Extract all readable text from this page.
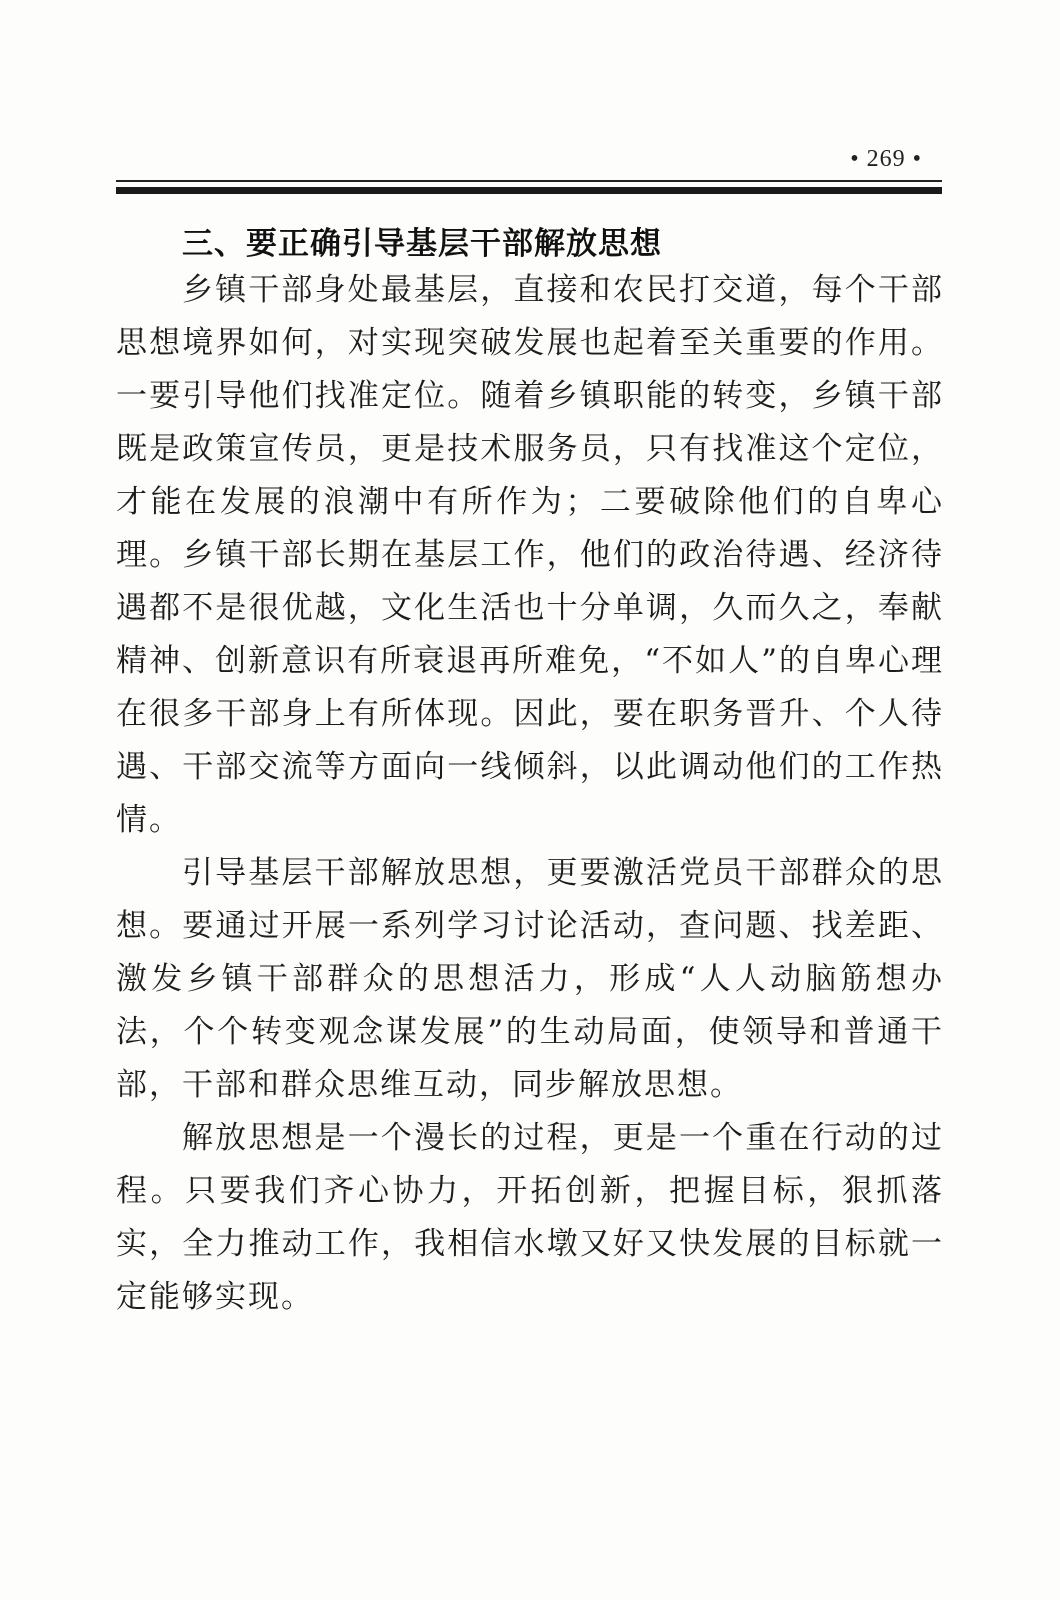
• 269 •
三、要正确引导基层干部解放思想

乡镇干部身处最基层，直接和农民打交道，每个干部思想境界如何，对实现突破发展也起着至关重要的作用。一要引导他们找准定位。随着乡镇职能的转变，乡镇干部既是政策宣传员，更是技术服务员，只有找准这个定位，才能在发展的浪潮中有所作为；二要破除他们的自卑心理。乡镇干部长期在基层工作，他们的政治待遇、经济待遇都不是很优越，文化生活也十分单调，久而久之，奉献精神、创新意识有所衰退再所难免，“不如人”的自卑心理在很多干部身上有所体现。因此，要在职务晋升、个人待遇、干部交流等方面向一线倾斜，以此调动他们的工作热情。

引导基层干部解放思想，更要激活党员干部群众的思想。要通过开展一系列学习讨论活动，查问题、找差距、激发乡镇干部群众的思想活力，形成“人人动脑筋想办法，个个转变观念谋发展”的生动局面，使领导和普通干部，干部和群众思维互动，同步解放思想。

解放思想是一个漫长的过程，更是一个重在行动的过程。只要我们齐心协力，开拓创新，把握目标，狠抓落实，全力推动工作，我相信水墩又好又快发展的目标就一定能够实现。
